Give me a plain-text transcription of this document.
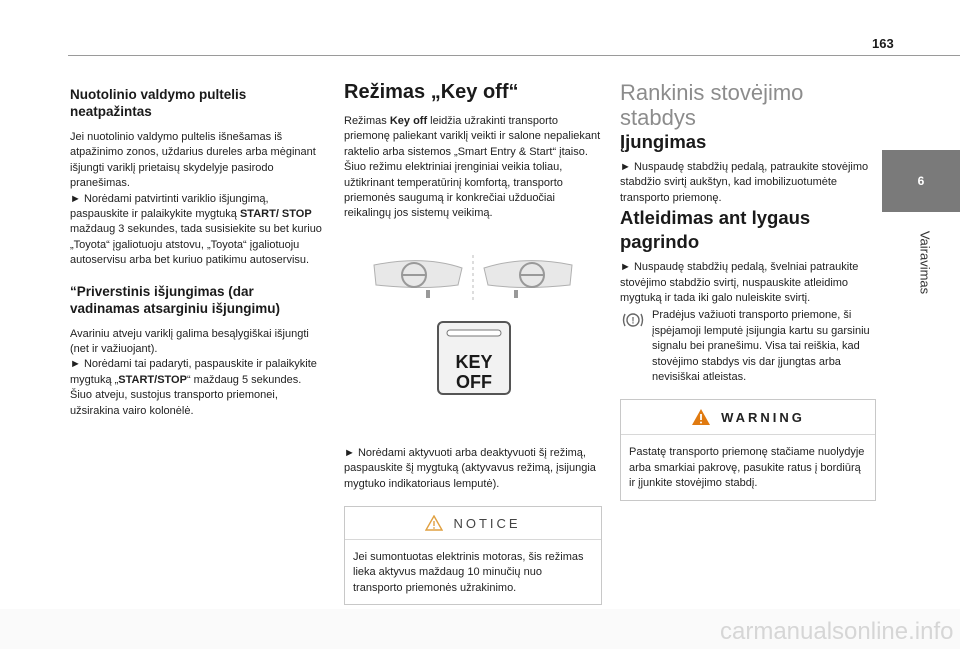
163
6
Vairavimas
Nuotolinio valdymo pultelis neatpažintas

Jei nuotolinio valdymo pultelis išnešamas iš atpažinimo zonos, uždarius dureles arba mėginant išjungti variklį prietaisų skydelyje pasirodo pranešimas.

► Norėdami patvirtinti variklio išjungimą, paspauskite ir palaikykite mygtuką START/ STOP maždaug 3 sekundes, tada susisiekite su bet kuriuo „Toyota“ įgaliotuoju atstovu, „Toyota“ įgaliotuoju autoservisu arba bet kuriuo patikimu autoservisu.

“Priverstinis išjungimas (dar vadinamas atsarginiu išjungimu)

Avariniu atveju variklį galima besąlygiškai išjungti (net ir važiuojant).

► Norėdami tai padaryti, paspauskite ir palaikykite mygtuką „START/STOP“ maždaug 5 sekundes.

Šiuo atveju, sustojus transporto priemonei, užsirakina vairo kolonėlė.

Režimas „Key off“

Režimas Key off leidžia užrakinti transporto priemonę paliekant variklį veikti ir salone nepaliekant raktelio arba sistemos „Smart Entry & Start“ įtaiso.

Šiuo režimu elektriniai įrenginiai veikia toliau, užtikrinant temperatūrinį komfortą, transporto priemonės saugumą ir konkrečiai užduočiai reikalingų jos sistemų veikimą.

KEY
OFF

► Norėdami aktyvuoti arba deaktyvuoti šį režimą, paspauskite šį mygtuką (aktyvavus režimą, įsijungia mygtuko indikatoriaus lemputė).

NOTICE

Jei sumontuotas elektrinis motoras, šis režimas lieka aktyvus maždaug 10 minučių nuo transporto priemonės užrakinimo.

Rankinis stovėjimo stabdys
Įjungimas

► Nuspaudę stabdžių pedalą, patraukite stovėjimo stabdžio svirtį aukštyn, kad imobilizuotumėte transporto priemonę.

Atleidimas ant lygaus pagrindo

► Nuspaudę stabdžių pedalą, švelniai patraukite stovėjimo stabdžio svirtį, nuspauskite atleidimo mygtuką ir tada iki galo nuleiskite svirtį.

! Pradėjus važiuoti transporto priemone, ši įspėjamoji lemputė įsijungia kartu su garsiniu signalu bei pranešimu. Visa tai reiškia, kad stovėjimo stabdys vis dar įjungtas arba nevisiškai atleistas.

WARNING

Pastatę transporto priemonę stačiame nuolydyje arba smarkiai pakrovę, pasukite ratus į bordiūrą ir įjunkite stovėjimo stabdį.

carmanualsonline.info
